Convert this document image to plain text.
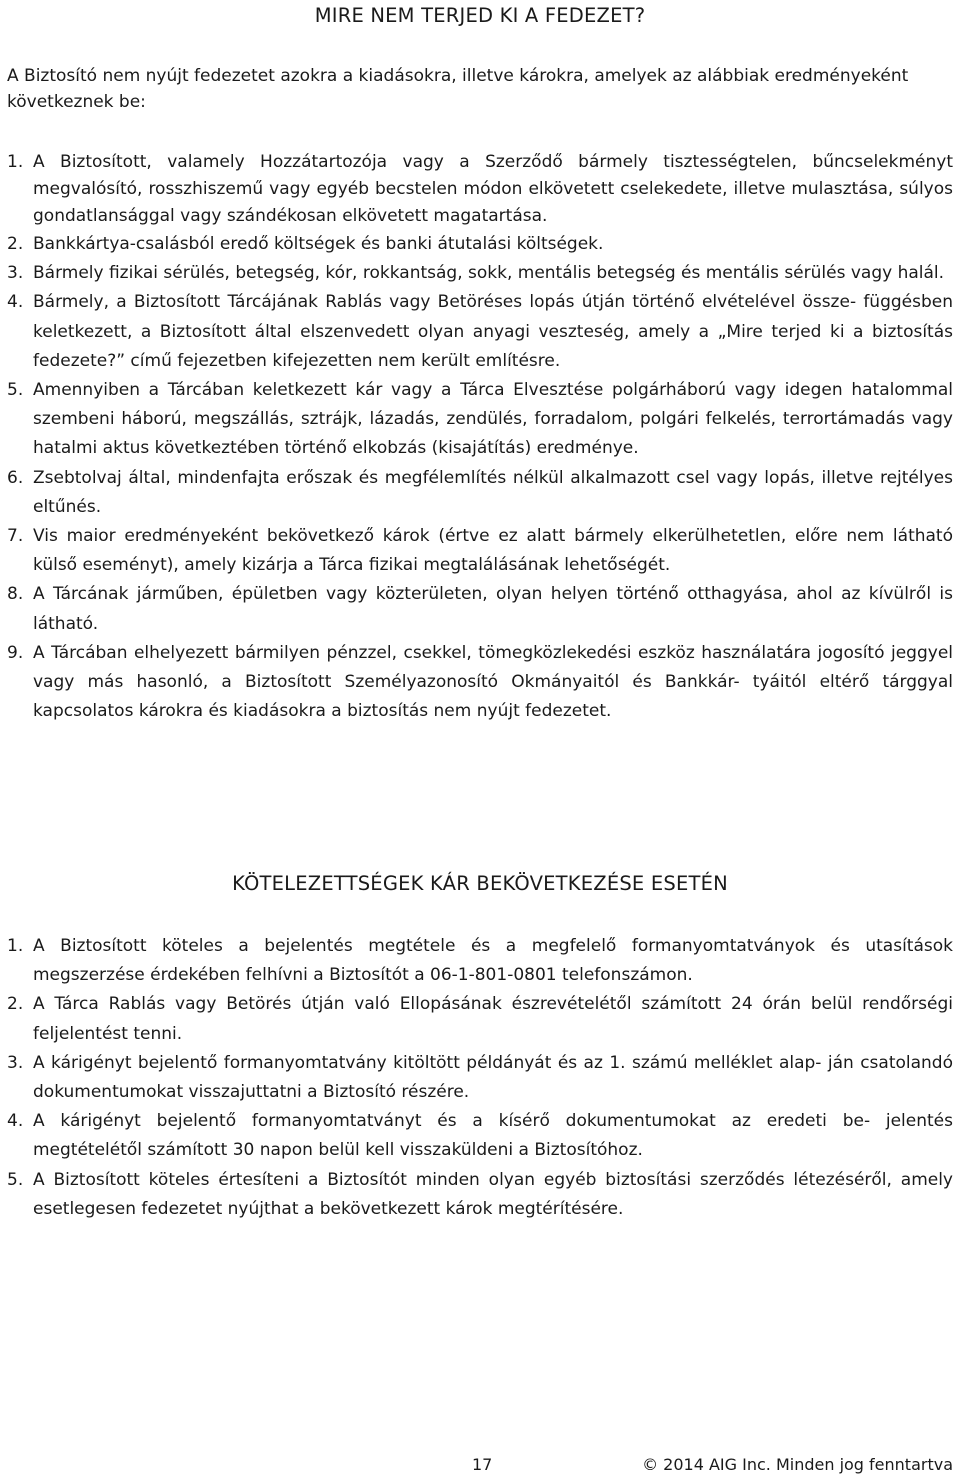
MIRE NEM TERJED KI A FEDEZET?

A Biztosító nem nyújt fedezetet azokra a kiadásokra, illetve károkra, amelyek az alábbiak eredményeként következnek be:

1. A Biztosított, valamely Hozzátartozója vagy a Szerződő bármely tisztességtelen, bűncselekményt megvalósító, rosszhiszemű vagy egyéb becstelen módon elkövetett cselekedete, illetve mulasztása, súlyos gondatlansággal vagy szándékosan elkövetett magatartása.
2. Bankkártya-csalásból eredő költségek és banki átutalási költségek.
3. Bármely fizikai sérülés, betegség, kór, rokkantság, sokk, mentális betegség és mentális sérülés vagy halál.
4. Bármely, a Biztosított Tárcájának Rablás vagy Betöréses lopás útján történő elvételével össze- függésben keletkezett, a Biztosított által elszenvedett olyan anyagi veszteség, amely a „Mire terjed ki a biztosítás fedezete?” című fejezetben kifejezetten nem került említésre.
5. Amennyiben a Tárcában keletkezett kár vagy a Tárca Elvesztése polgárháború vagy idegen hatalommal szembeni háború, megszállás, sztrájk, lázadás, zendülés, forradalom, polgári felkelés, terrortámadás vagy hatalmi aktus következtében történő elkobzás (kisajátítás) eredménye.
6. Zsebtolvaj által, mindenfajta erőszak és megfélemlítés nélkül alkalmazott csel vagy lopás, illetve rejtélyes eltűnés.
7. Vis maior eredményeként bekövetkező károk (értve ez alatt bármely elkerülhetetlen, előre nem látható külső eseményt), amely kizárja a Tárca fizikai megtalálásának lehetőségét.
8. A Tárcának járműben, épületben vagy közterületen, olyan helyen történő otthagyása, ahol az kívülről is látható.
9. A Tárcában elhelyezett bármilyen pénzzel, csekkel, tömegközlekedési eszköz használatára jogosító jeggyel vagy más hasonló, a Biztosított Személyazonosító Okmányaitól és Bankkár- tyáitól eltérő tárggyal kapcsolatos károkra és kiadásokra a biztosítás nem nyújt fedezetet.
KÖTELEZETTSÉGEK KÁR BEKÖVETKEZÉSE ESETÉN
1. A Biztosított köteles a bejelentés megtétele és a megfelelő formanyomtatványok és utasítások megszerzése érdekében felhívni a Biztosítót a 06-1-801-0801 telefonszámon.
2. A Tárca Rablás vagy Betörés útján való Ellopásának észrevételétől számított 24 órán belül rendőrségi feljelentést tenni.
3. A kárigényt bejelentő formanyomtatvány kitöltött példányát és az 1. számú melléklet alap- ján csatolandó dokumentumokat visszajuttatni a Biztosító részére.
4. A kárigényt bejelentő formanyomtatványt és a kísérő dokumentumokat az eredeti be- jelentés megtételétől számított 30 napon belül kell visszaküldeni a Biztosítóhoz.
5. A Biztosított köteles értesíteni a Biztosítót minden olyan egyéb biztosítási szerződés létezéséről, amely esetlegesen fedezetet nyújthat a bekövetkezett károk megtérítésére.
17	© 2014 AIG Inc. Minden jog fenntartva
